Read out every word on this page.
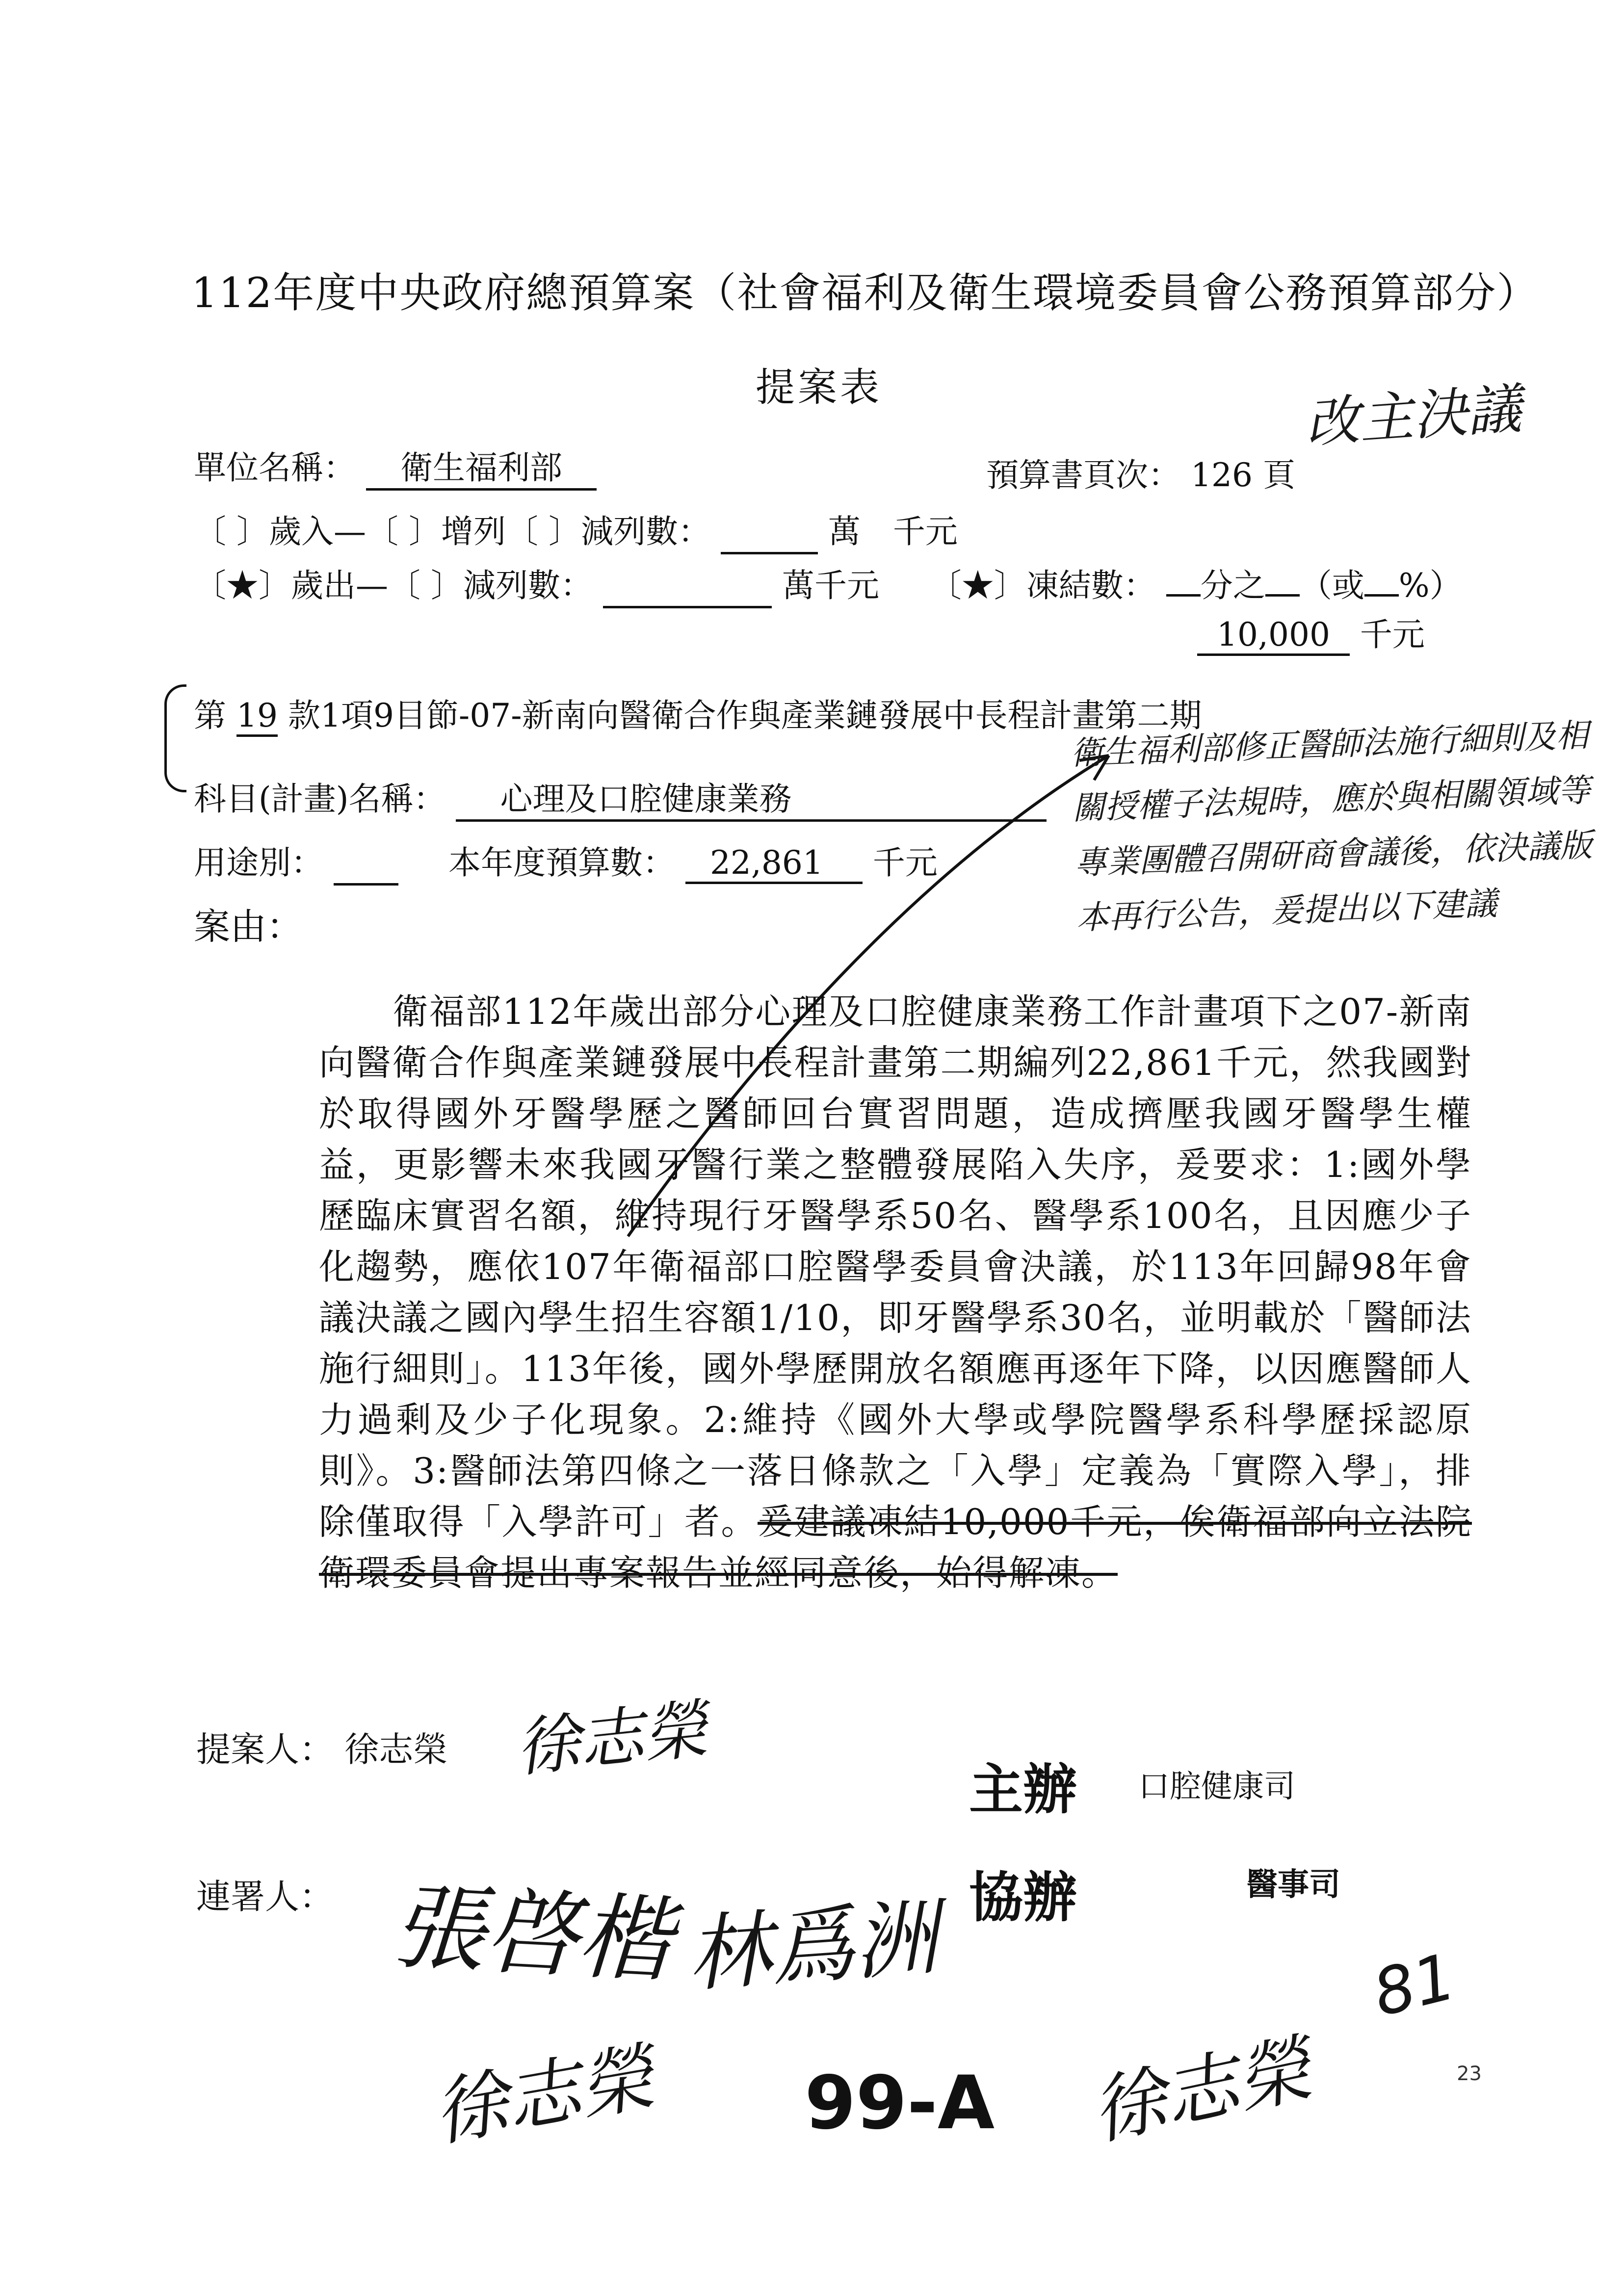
112年度中央政府總預算案（社會福利及衛生環境委員會公務預算部分）
提案表	改主決議
單位名稱： 衛生福利部	預算書頁次： 126 頁
〔 〕歲入—〔 〕增列〔 〕減列數： 　　　	萬　千元
〔★〕歲出—〔 〕減列數： 　　　　	萬千元 〔★〕凍結數： 分之 （或 %）
10,000 千元
第 19 款1項9目節-07-新南向醫衛合作與產業鏈發展中長程計畫第二期
科目(計畫)名稱： 心理及口腔健康業務
用途別： 　　	本年度預算數： 22,861 千元
案由：
衛生福利部修正醫師法施行細則及相關授權子法規時，應於與相關領域等專業團體召開研商會議後，依決議版本再行公告，爰提出以下建議
衛福部112年歲出部分心理及口腔健康業務工作計畫項下之07-新南向醫衛合作與產業鏈發展中長程計畫第二期編列22,861千元，然我國對於取得國外牙醫學歷之醫師回台實習問題，造成擠壓我國牙醫學生權益，更影響未來我國牙醫行業之整體發展陷入失序，爰要求：1:國外學歷臨床實習名額，維持現行牙醫學系50名、醫學系100名，且因應少子化趨勢，應依107年衛福部口腔醫學委員會決議，於113年回歸98年會議決議之國內學生招生容額1/10，即牙醫學系30名，並明載於「醫師法施行細則」。113年後，國外學歷開放名額應再逐年下降，以因應醫師人力過剩及少子化現象。2:維持《國外大學或學院醫學系科學歷採認原則》。3:醫師法第四條之一落日條款之「入學」定義為「實際入學」，排除僅取得「入學許可」者。爰建議凍結10,000千元，俟衛福部向立法院衛環委員會提出專案報告並經同意後，始得解凍。
提案人： 徐志榮 徐志榮
主辦 口腔健康司
協辦	醫事司
連署人： 張啓楷 林爲洲
徐志榮	徐志榮
81
99-A	23
